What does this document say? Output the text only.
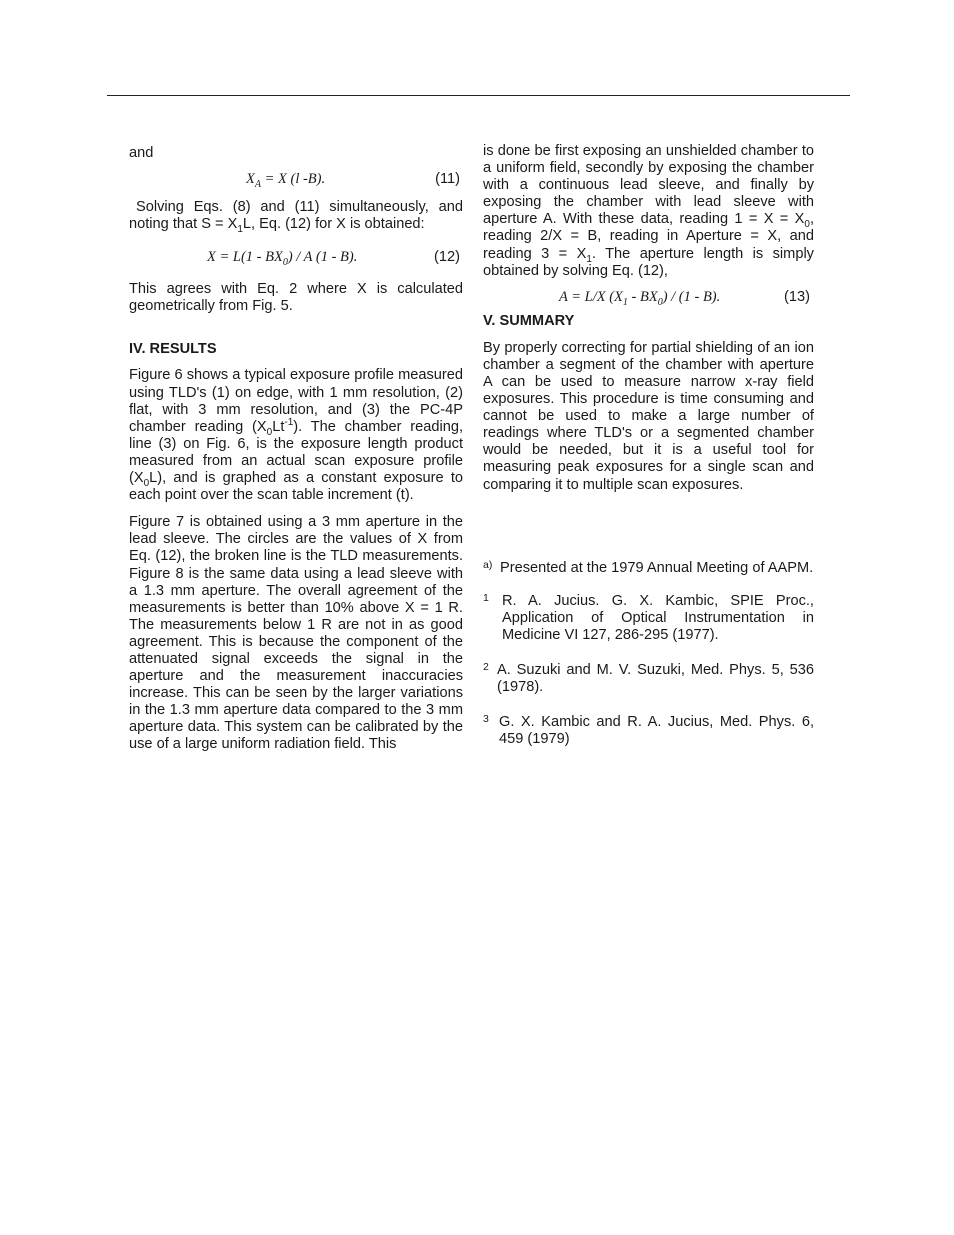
and

$X_A = X$ (l -B).	(11)

Solving Eqs. (8) and (11) simultaneously, and noting that $S = X_1L$, Eq. (12) for X is obtained:

$X = L(1 - BX_0) / A$ (1 - B).	(12)

This agrees with Eq. 2 where X is calculated geometrically from Fig. 5.

IV. RESULTS

Figure 6 shows a typical exposure profile measured using TLD's (1) on edge, with 1 mm resolution, (2) flat, with 3 mm resolution, and (3) the PC-4P chamber reading $(X_0Lt^{-1})$. The chamber reading, line (3) on Fig. 6, is the exposure length product measured from an actual scan exposure profile $(X_0L)$, and is graphed as a constant exposure to each point over the scan table increment (t).

Figure 7 is obtained using a 3 mm aperture in the lead sleeve. The circles are the values of X from Eq. (12), the broken line is the TLD measurements. Figure 8 is the same data using a lead sleeve with a 1.3 mm aperture. The overall agreement of the measurements is better than 10% above X = 1 R. The measurements below 1 R are not in as good agreement. This is because the component of the attenuated signal exceeds the signal in the aperture and the measurement inaccuracies increase. This can be seen by the larger variations in the 1.3 mm aperture data compared to the 3 mm aperture data. This system can be calibrated by the use of a large uniform radiation field. This

is done be first exposing an unshielded chamber to a uniform field, secondly by exposing the chamber with a continuous lead sleeve, and finally by exposing the chamber with lead sleeve with aperture A. With these data, reading $1 = X = X_0$, reading 2/X = B, reading in Aperture = X, and reading $3 = X_1$. The aperture length is simply obtained by solving Eq. (12),

A = L/X $(X_1 - BX_0) / (1 - B)$.	(13)
V. SUMMARY

By properly correcting for partial shielding of an ion chamber a segment of the chamber with aperture A can be used to measure narrow x-ray field exposures. This procedure is time consuming and cannot be used to make a large number of readings where TLD's or a segmented chamber would be needed, but it is a useful tool for measuring peak exposures for a single scan and comparing it to multiple scan exposures.

a) Presented at the 1979 Annual Meeting of AAPM.

1 R. A. Jucius. G. X. Kambic, SPIE Proc., Application of Optical Instrumentation in Medicine VI 127, 286-295 (1977).

2 A. Suzuki and M. V. Suzuki, Med. Phys. 5, 536 (1978).

3 G. X. Kambic and R. A. Jucius, Med. Phys. 6, 459 (1979)
